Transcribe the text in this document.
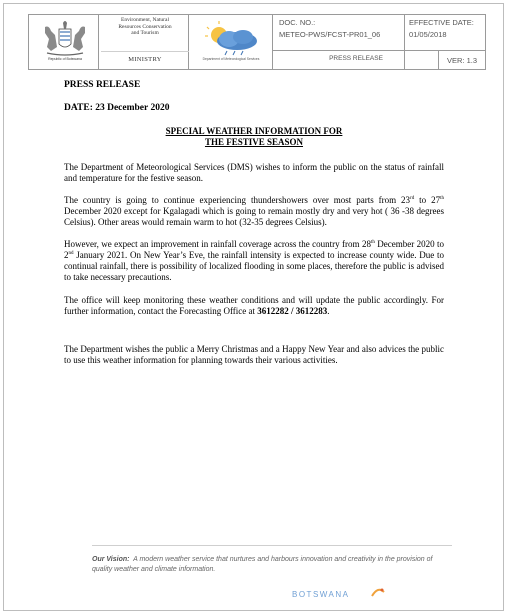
Republic of Botswana
Environment, Natural
Resources Conservation
and Tourism
MINISTRY	Department of Meteorological Services
DOC. NO.:
METEO-PWS/FCST-PR01_06
EFFECTIVE DATE:
01/05/2018
PRESS RELEASE	VER: 1.3

PRESS RELEASE

DATE: 23 December 2020

SPECIAL WEATHER INFORMATION FOR
THE FESTIVE SEASON

The Department of Meteorological Services (DMS) wishes to inform the public on the status of rainfall and temperature for the festive season.

The country is going to continue experiencing thundershowers over most parts from 23rd to 27th December 2020 except for Kgalagadi which is going to remain mostly dry and very hot ( 36 -38 degrees Celsius). Other areas would remain warm to hot (32-35 degrees Celsius).

However, we expect an improvement in rainfall coverage across the country from 28th December 2020 to 2nd January 2021. On New Year’s Eve, the rainfall intensity is expected to increase county wide. Due to continual rainfall, there is possibility of localized flooding in some places, therefore the public is advised to take necessary precautions.

The office will keep monitoring these weather conditions and will update the public accordingly. For further information, contact the Forecasting Office at 3612282 / 3612283.

The Department wishes the public a Merry Christmas and a Happy New Year and also advices the public to use this weather information for planning towards their various activities.

Our Vision: A modern weather service that nurtures and harbours innovation and creativity in the provision of quality weather and climate information.
BOTSWANA
